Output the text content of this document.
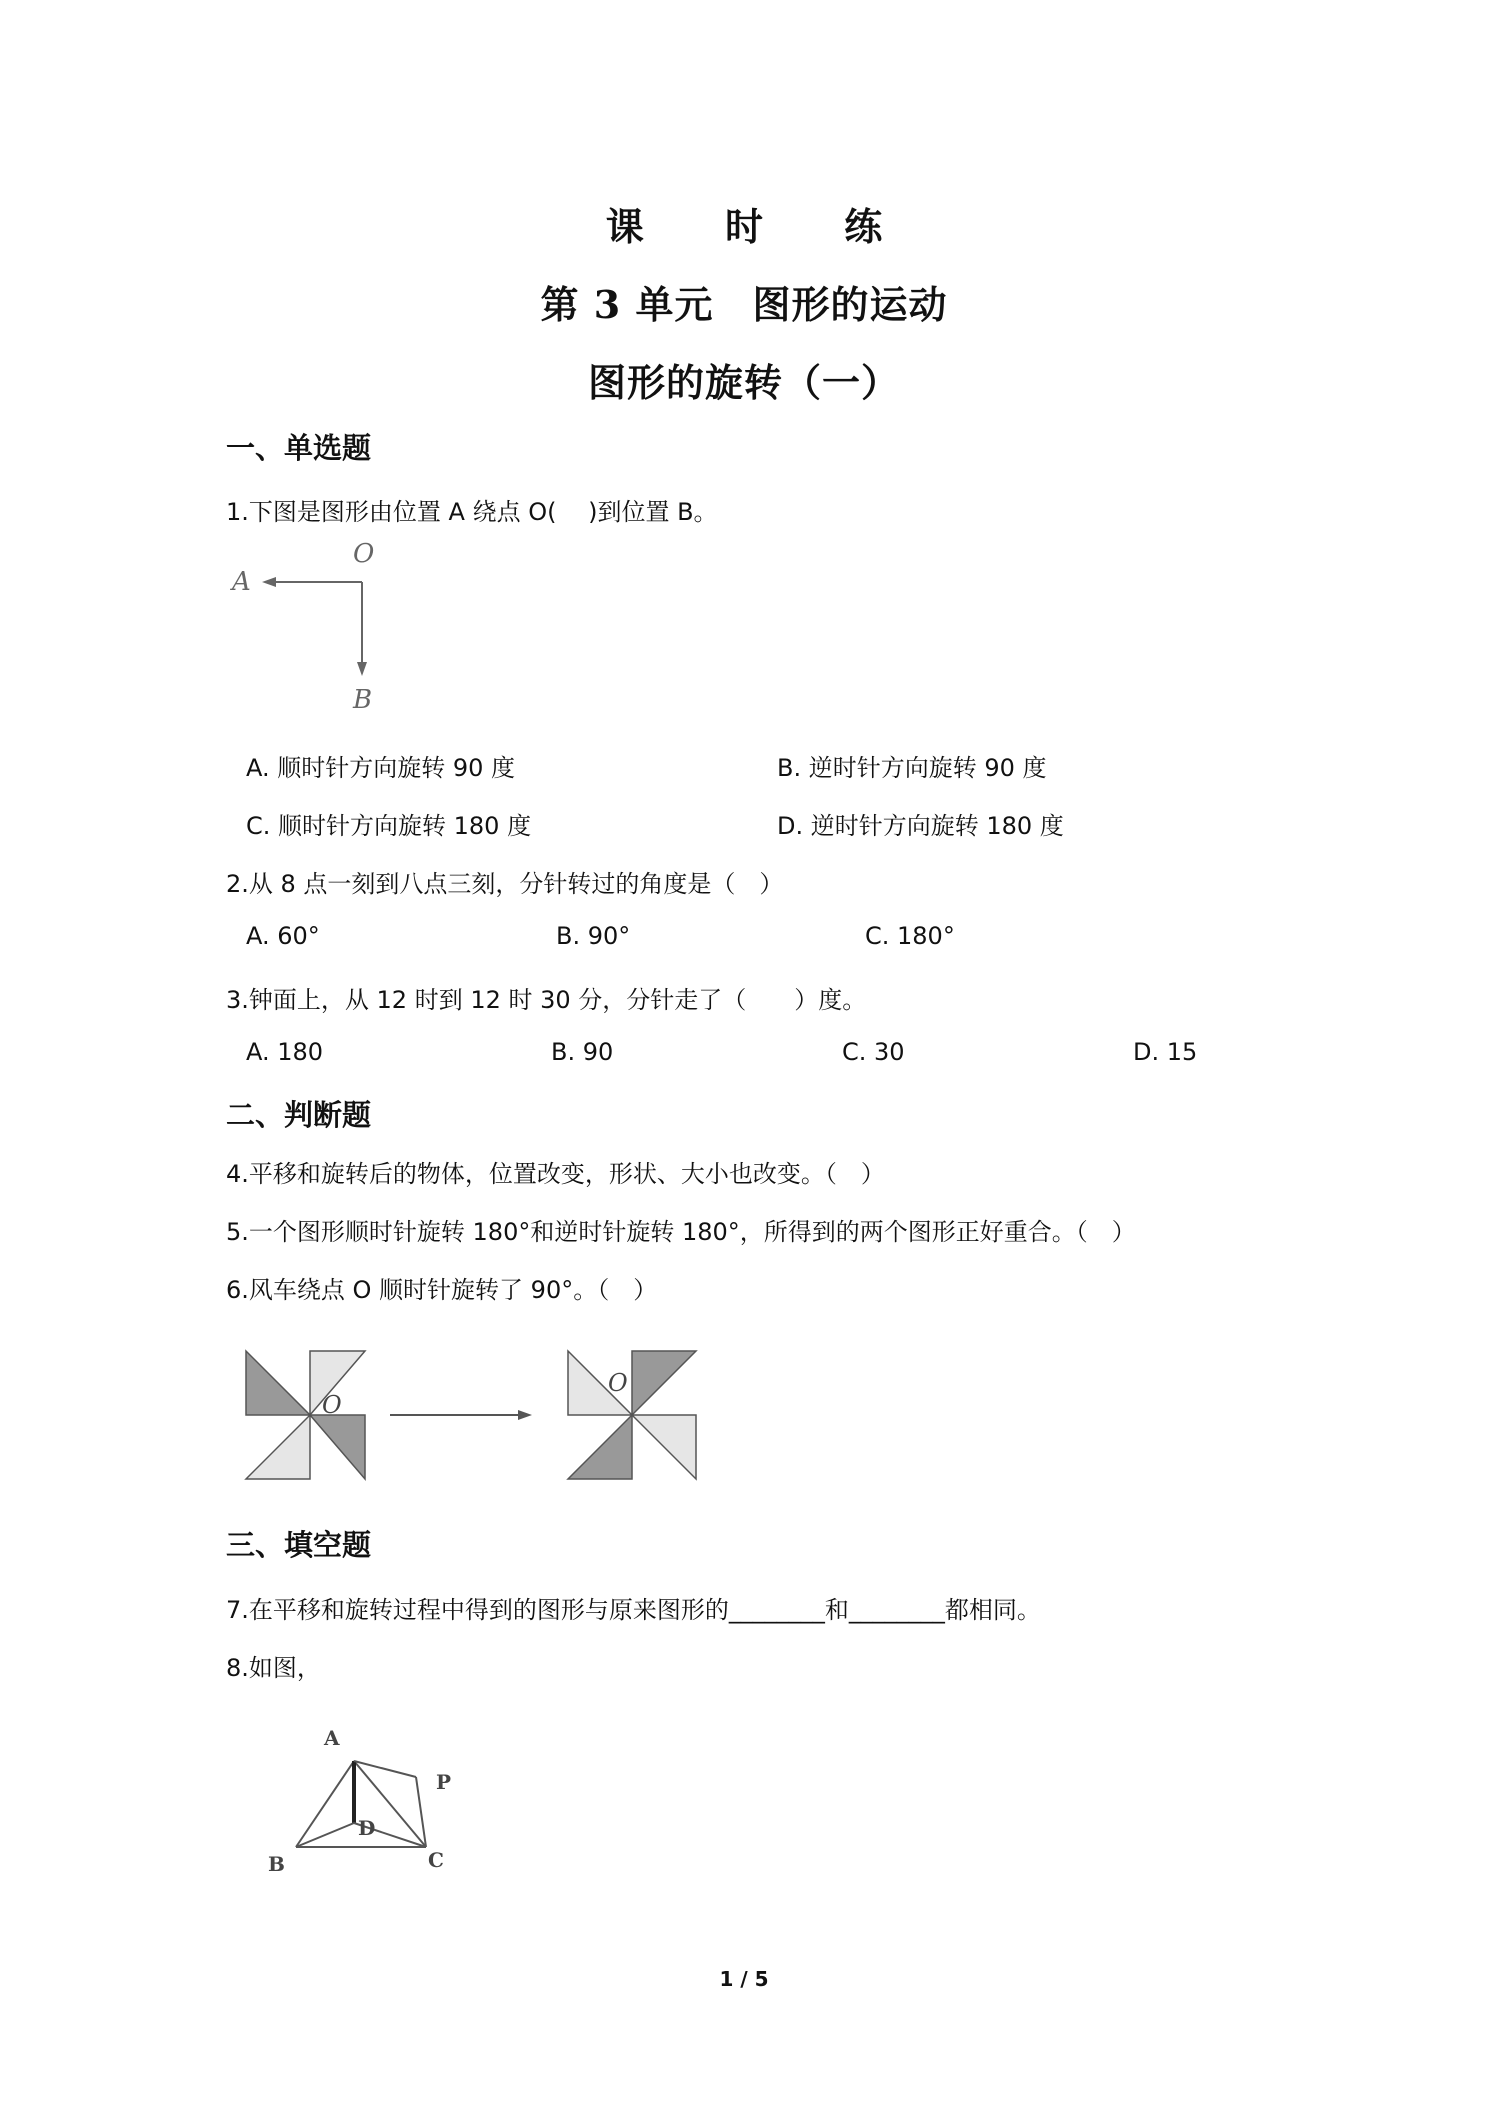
课 时 练
第 3 单元　图形的运动
图形的旋转（一）
一、单选题
1.下图是图形由位置 A 绕点 O(　 )到位置 B。
A
O
B
A. 顺时针方向旋转 90 度	B. 逆时针方向旋转 90 度
C. 顺时针方向旋转 180 度	D. 逆时针方向旋转 180 度
2.从 8 点一刻到八点三刻，分针转过的角度是（　）
A. 60°	B. 90°	C. 180°
3.钟面上，从 12 时到 12 时 30 分，分针走了（　　）度。
A. 180	B. 90	C. 30	D. 15
二、判断题
4.平移和旋转后的物体，位置改变，形状、大小也改变。（　）
5.一个图形顺时针旋转 180°和逆时针旋转 180°，所得到的两个图形正好重合。（　）
6.风车绕点 O 顺时针旋转了 90°。（　）
O
O
三、填空题
7.在平移和旋转过程中得到的图形与原来图形的________和________都相同。
8.如图，
A
P
D
B	C
1 / 5
